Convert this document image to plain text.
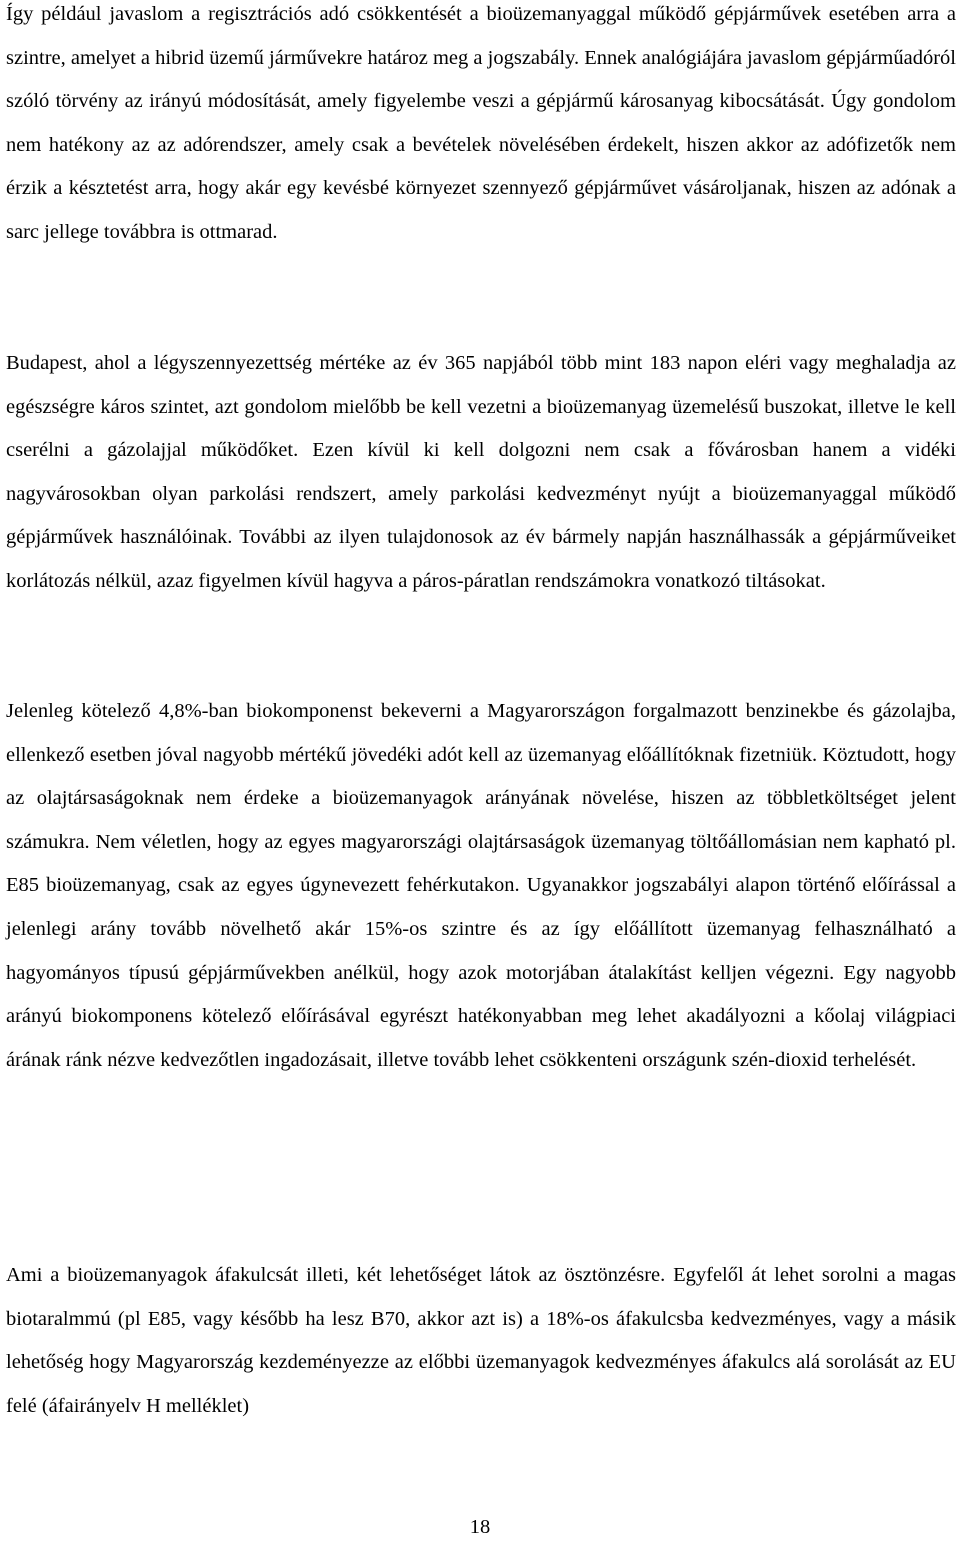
Így például javaslom a regisztrációs adó csökkentését a bioüzemanyaggal működő gépjárművek esetében arra a szintre, amelyet a hibrid üzemű járművekre határoz meg a jogszabály. Ennek analógiájára javaslom gépjárműadóról szóló törvény az irányú módosítását, amely figyelembe veszi a gépjármű károsanyag kibocsátását. Úgy gondolom nem hatékony az az adórendszer, amely csak a bevételek növelésében érdekelt, hiszen akkor az adófizetők nem érzik a késztetést arra, hogy akár egy kevésbé környezet szennyező gépjárművet vásároljanak, hiszen az adónak a sarc jellege továbbra is ottmarad.

Budapest, ahol a légyszennyezettség mértéke az év 365 napjából több mint 183 napon eléri vagy meghaladja az egészségre káros szintet, azt gondolom mielőbb be kell vezetni a bioüzemanyag üzemelésű buszokat, illetve le kell cserélni a gázolajjal működőket. Ezen kívül ki kell dolgozni nem csak a fővárosban hanem a vidéki nagyvárosokban olyan parkolási rendszert, amely parkolási kedvezményt nyújt a bioüzemanyaggal működő gépjárművek használóinak. További az ilyen tulajdonosok az év bármely napján használhassák a gépjárműveiket korlátozás nélkül, azaz figyelmen kívül hagyva a páros-páratlan rendszámokra vonatkozó tiltásokat.

Jelenleg kötelező 4,8%-ban biokomponenst bekeverni a Magyarországon forgalmazott benzinekbe és gázolajba, ellenkező esetben jóval nagyobb mértékű jövedéki adót kell az üzemanyag előállítóknak fizetniük. Köztudott, hogy az olajtársaságoknak nem érdeke a bioüzemanyagok arányának növelése, hiszen az többletköltséget jelent számukra. Nem véletlen, hogy az egyes magyarországi olajtársaságok üzemanyag töltőállomásian nem kapható pl. E85 bioüzemanyag, csak az egyes úgynevezett fehérkutakon. Ugyanakkor jogszabályi alapon történő előírással a jelenlegi arány tovább növelhető akár 15%-os szintre és az így előállított üzemanyag felhasználható a hagyományos típusú gépjárművekben anélkül, hogy azok motorjában átalakítást kelljen végezni. Egy nagyobb arányú biokomponens kötelező előírásával egyrészt hatékonyabban meg lehet akadályozni a kőolaj világpiaci árának ránk nézve kedvezőtlen ingadozásait, illetve tovább lehet csökkenteni országunk szén-dioxid terhelését.

Ami a bioüzemanyagok áfakulcsát illeti, két lehetőséget látok az ösztönzésre. Egyfelől át lehet sorolni a magas biotaralmmú (pl E85, vagy később ha lesz B70, akkor azt is) a 18%-os áfakulcsba kedvezményes, vagy a másik lehetőség hogy Magyarország kezdeményezze az előbbi üzemanyagok kedvezményes áfakulcs alá sorolását az EU felé (áfairányelv H melléklet)

18
